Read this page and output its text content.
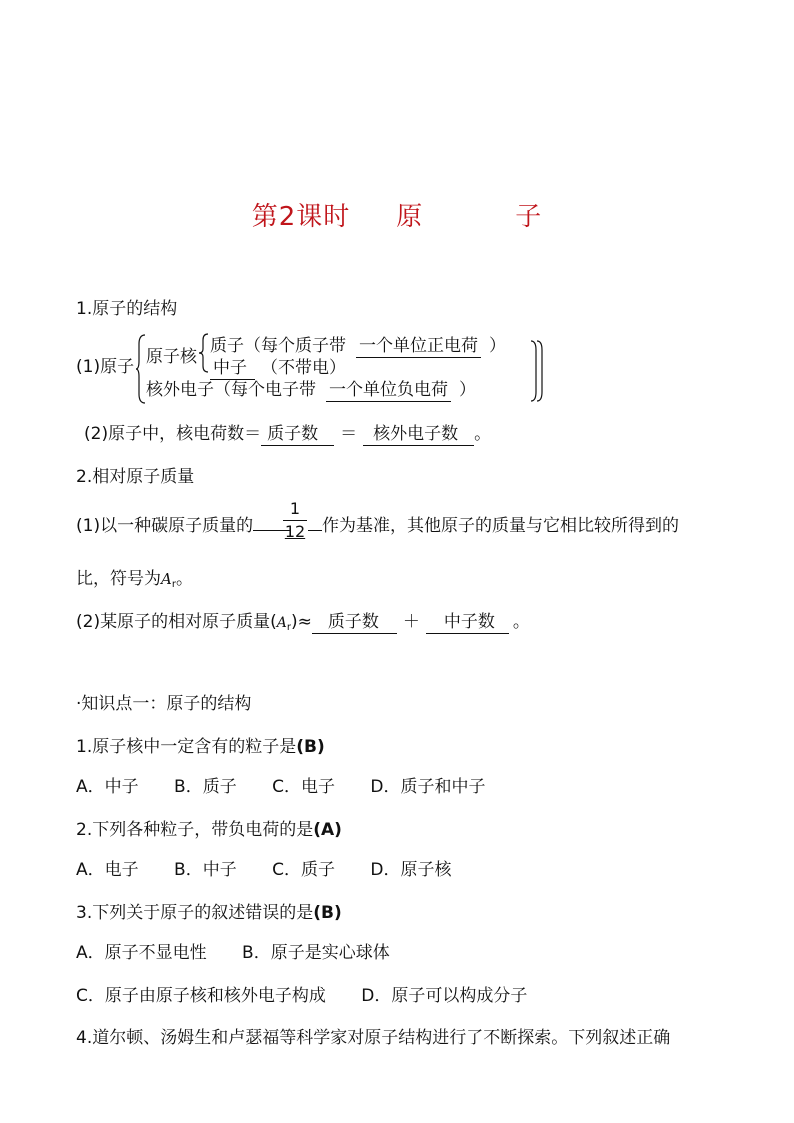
第2课时 原	子
1.原子的结构
(1)原子 原子核
质子（每个质子带 一个单位正电荷 ）
中子 （不带电）
核外电子（每个电子带 一个单位负电荷 ）
(2)原子中，核电荷数＝ 质子数 ＝ 核外电子数 。
2.相对原子质量
(1)以一种碳原子质量的
1
12 作为基准，其他原子的质量与它相比较所得到的
比，符号为$A_r$。
(2)某原子的相对原子质量$(A_r)\approx$ 质子数 ＋ 中子数 。
·知识点一：原子的结构
1.原子核中一定含有的粒子是(B)
A．中子 B．质子 C．电子 D．质子和中子
2.下列各种粒子，带负电荷的是(A)
A．电子 B．中子 C．质子 D．原子核
3.下列关于原子的叙述错误的是(B)
A．原子不显电性 B．原子是实心球体
C．原子由原子核和核外电子构成 D．原子可以构成分子
4.道尔顿、汤姆生和卢瑟福等科学家对原子结构进行了不断探索。下列叙述正确
